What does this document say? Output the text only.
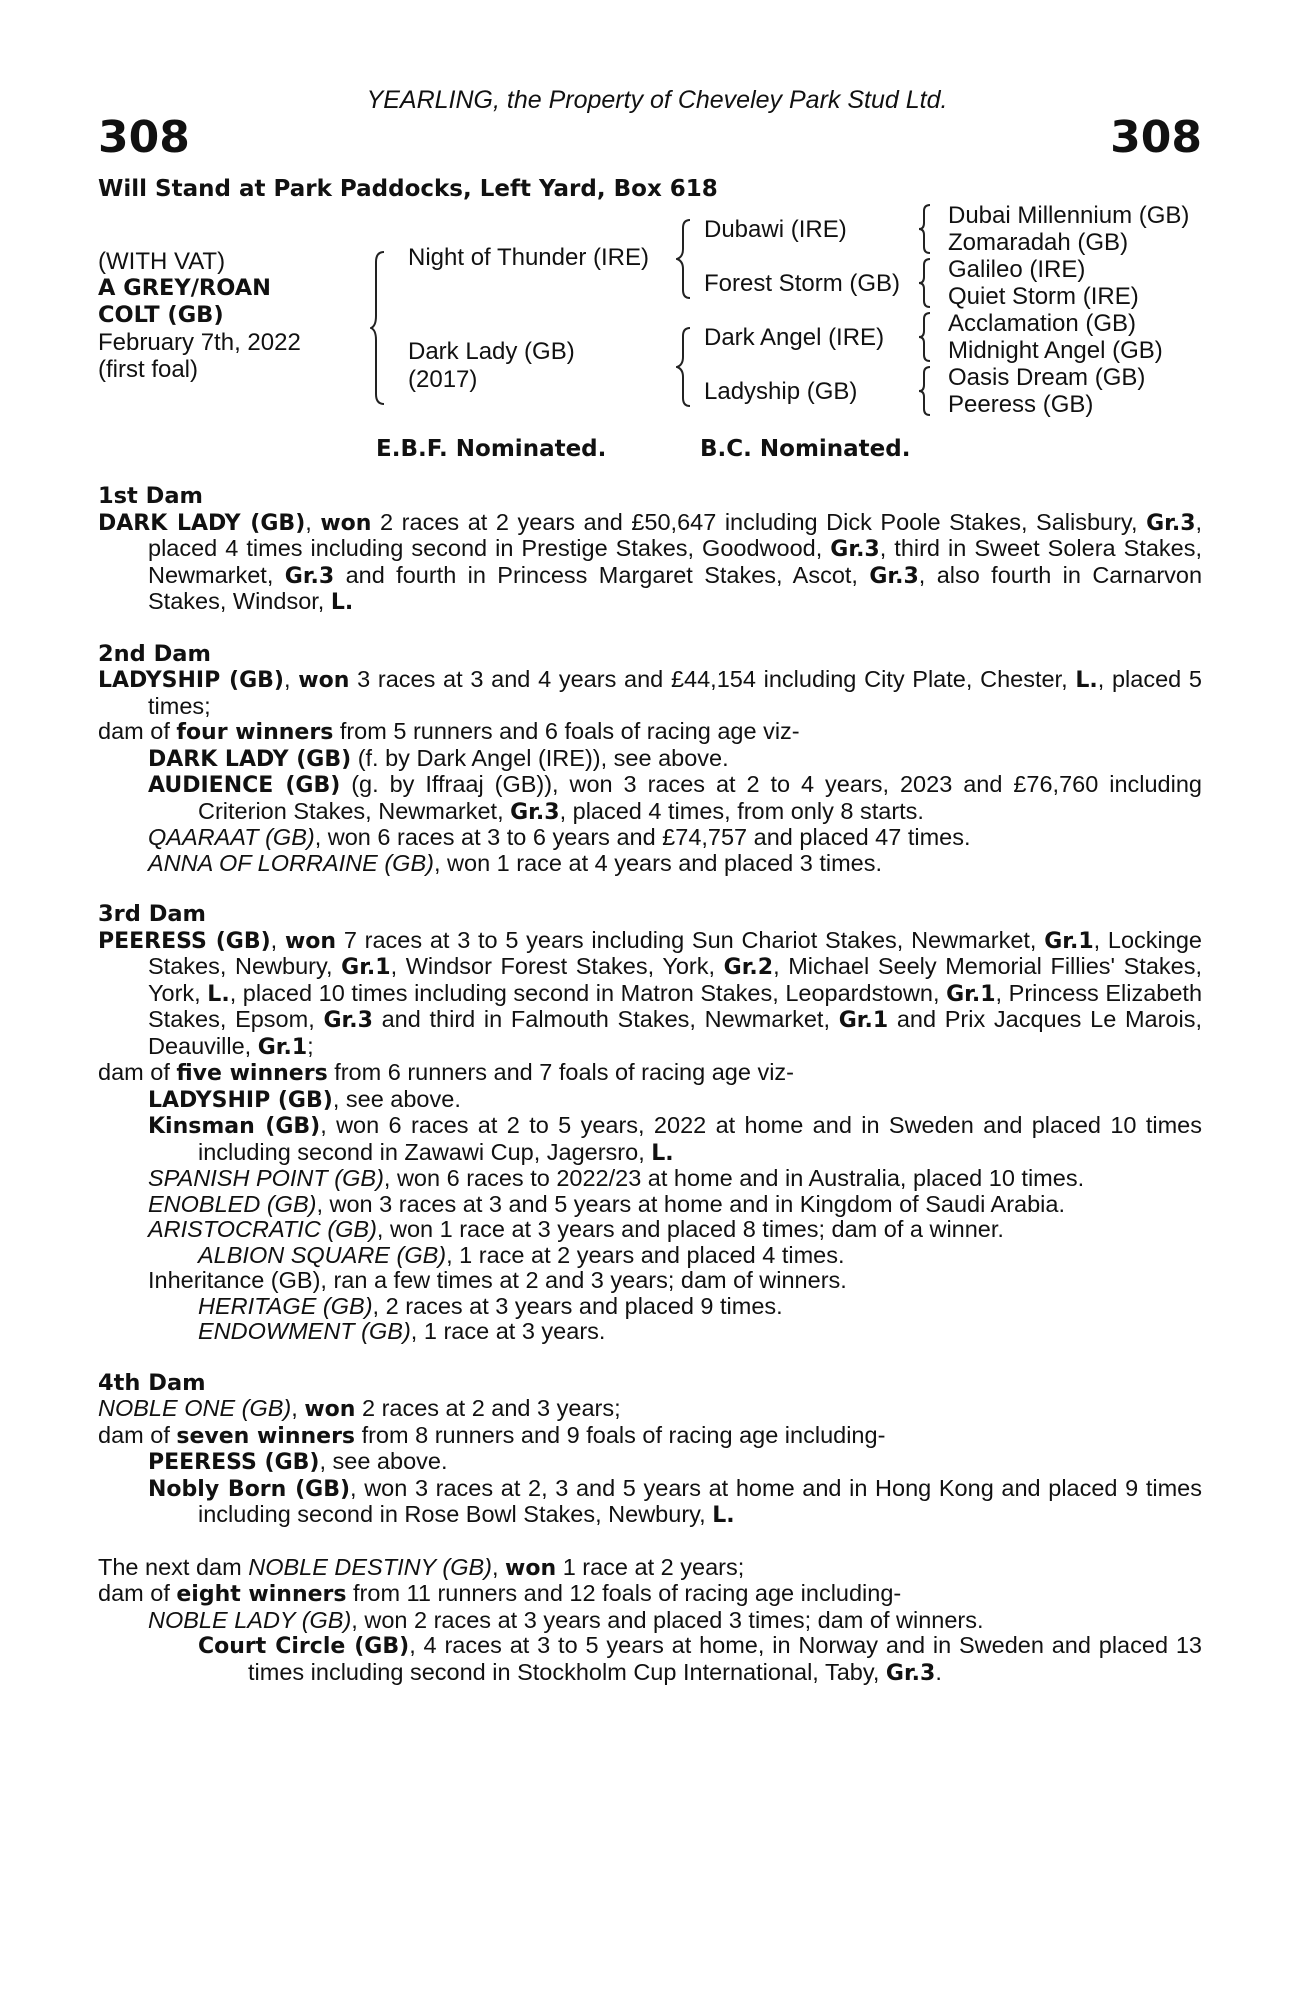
YEARLING, the Property of Cheveley Park Stud Ltd.
308	308
Will Stand at Park Paddocks, Left Yard, Box 618
(WITH VAT)
A GREY/ROAN
COLT (GB)
February 7th, 2022
(first foal)
Night of Thunder (IRE)
Dark Lady (GB)
(2017)
Dubawi (IRE)
Forest Storm (GB)
Dark Angel (IRE)
Ladyship (GB)
Dubai Millennium (GB)
Zomaradah (GB)
Galileo (IRE)
Quiet Storm (IRE)
Acclamation (GB)
Midnight Angel (GB)
Oasis Dream (GB)
Peeress (GB)
E.B.F. Nominated.	B.C. Nominated.

1st Dam

DARK LADY (GB), won 2 races at 2 years and £50,647 including Dick Poole Stakes, Salisbury, Gr.3, placed 4 times including second in Prestige Stakes, Goodwood, Gr.3, third in Sweet Solera Stakes, Newmarket, Gr.3 and fourth in Princess Margaret Stakes, Ascot, Gr.3, also fourth in Carnarvon Stakes, Windsor, L.

2nd Dam

LADYSHIP (GB), won 3 races at 3 and 4 years and £44,154 including City Plate, Chester, L., placed 5 times;

dam of four winners from 5 runners and 6 foals of racing age viz-

DARK LADY (GB) (f. by Dark Angel (IRE)), see above.

AUDIENCE (GB) (g. by Iffraaj (GB)), won 3 races at 2 to 4 years, 2023 and £76,760 including Criterion Stakes, Newmarket, Gr.3, placed 4 times, from only 8 starts.

QAARAAT (GB), won 6 races at 3 to 6 years and £74,757 and placed 47 times.

ANNA OF LORRAINE (GB), won 1 race at 4 years and placed 3 times.

3rd Dam

PEERESS (GB), won 7 races at 3 to 5 years including Sun Chariot Stakes, Newmarket, Gr.1, Lockinge Stakes, Newbury, Gr.1, Windsor Forest Stakes, York, Gr.2, Michael Seely Memorial Fillies' Stakes, York, L., placed 10 times including second in Matron Stakes, Leopardstown, Gr.1, Princess Elizabeth Stakes, Epsom, Gr.3 and third in Falmouth Stakes, Newmarket, Gr.1 and Prix Jacques Le Marois, Deauville, Gr.1;

dam of five winners from 6 runners and 7 foals of racing age viz-

LADYSHIP (GB), see above.

Kinsman (GB), won 6 races at 2 to 5 years, 2022 at home and in Sweden and placed 10 times including second in Zawawi Cup, Jagersro, L.

SPANISH POINT (GB), won 6 races to 2022/23 at home and in Australia, placed 10 times.

ENOBLED (GB), won 3 races at 3 and 5 years at home and in Kingdom of Saudi Arabia.

ARISTOCRATIC (GB), won 1 race at 3 years and placed 8 times; dam of a winner.

ALBION SQUARE (GB), 1 race at 2 years and placed 4 times.

Inheritance (GB), ran a few times at 2 and 3 years; dam of winners.

HERITAGE (GB), 2 races at 3 years and placed 9 times.

ENDOWMENT (GB), 1 race at 3 years.

4th Dam

NOBLE ONE (GB), won 2 races at 2 and 3 years;

dam of seven winners from 8 runners and 9 foals of racing age including-

PEERESS (GB), see above.

Nobly Born (GB), won 3 races at 2, 3 and 5 years at home and in Hong Kong and placed 9 times including second in Rose Bowl Stakes, Newbury, L.

The next dam NOBLE DESTINY (GB), won 1 race at 2 years;

dam of eight winners from 11 runners and 12 foals of racing age including-

NOBLE LADY (GB), won 2 races at 3 years and placed 3 times; dam of winners.

Court Circle (GB), 4 races at 3 to 5 years at home, in Norway and in Sweden and placed 13 times including second in Stockholm Cup International, Taby, Gr.3.
